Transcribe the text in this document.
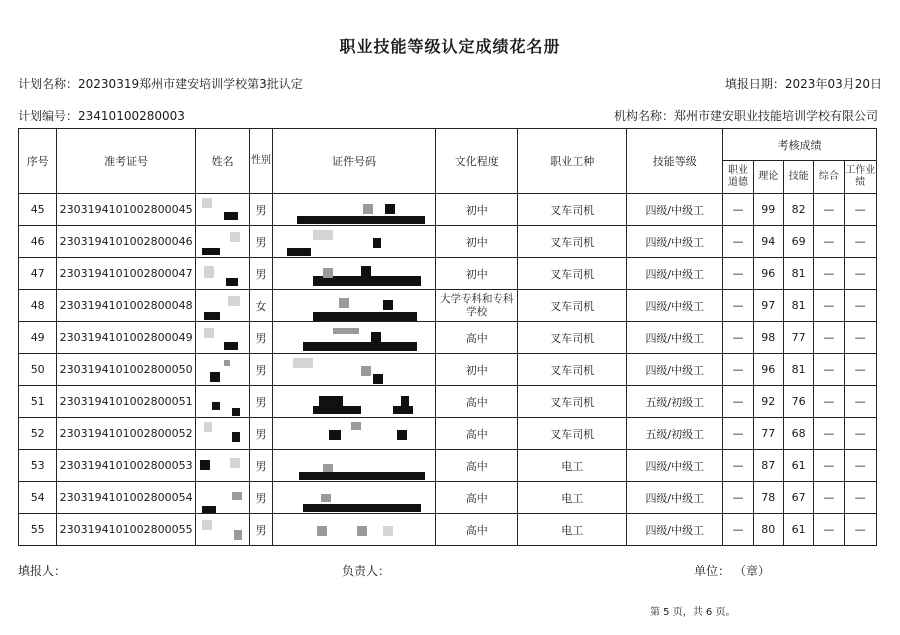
职业技能等级认定成绩花名册
计划名称：20230319郑州市建安培训学校第3批认定	填报日期：2023年03月20日
计划编号：23410100280003	机构名称：郑州市建安职业技能培训学校有限公司
序号	准考证号	姓名	性别	证件号码	文化程度	职业工种	技能等级	考核成绩				
								职业道德	理论	技能	综合	工作业绩
45	230319410100280004​5		男		初中	叉车司机	四级/中级工	—	99	82	—	—
46	2303194101002800046		男		初中	叉车司机	四级/中级工	—	94	69	—	—
47	2303194101002800047		男		初中	叉车司机	四级/中级工	—	96	81	—	—
48	2303194101002800048		女		大学专科和专科学校	叉车司机	四级/中级工	—	97	81	—	—
49	2303194101002800049		男		高中	叉车司机	四级/中级工	—	98	77	—	—
50	2303194101002800050		男		初中	叉车司机	四级/中级工	—	96	81	—	—
51	2303194101002800051		男		高中	叉车司机	五级/初级工	—	92	76	—	—
52	2303194101002800052		男		高中	叉车司机	五级/初级工	—	77	68	—	—
53	2303194101002800053		男		高中	电工	四级/中级工	—	87	61	—	—
54	2303194101002800054		男		高中	电工	四级/中级工	—	78	67	—	—
55	2303194101002800055		男		高中	电工	四级/中级工	—	80	61	—	—
填报人：	负责人：	单位： （章）
第 5 页，共 6 页。
